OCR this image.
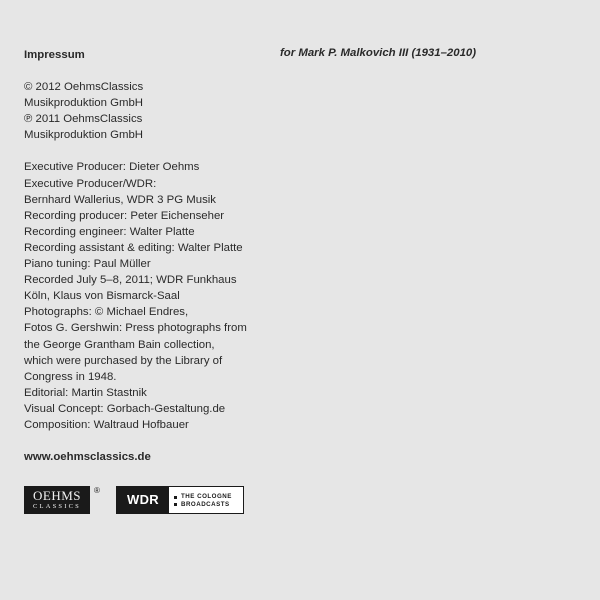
Impressum
© 2012 OehmsClassics
Musikproduktion GmbH
℗ 2011 OehmsClassics
Musikproduktion GmbH
Executive Producer: Dieter Oehms
Executive Producer/WDR:
Bernhard Wallerius, WDR 3 PG Musik
Recording producer: Peter Eichenseher
Recording engineer: Walter Platte
Recording assistant & editing: Walter Platte
Piano tuning: Paul Müller
Recorded July 5–8, 2011; WDR Funkhaus
Köln, Klaus von Bismarck-Saal
Photographs: © Michael Endres,
Fotos G. Gershwin: Press photographs from
the George Grantham Bain collection,
which were purchased by the Library of
Congress in 1948.
Editorial: Martin Stastnik
Visual Concept: Gorbach-Gestaltung.de
Composition: Waltraud Hofbauer
www.oehmsclassics.de
for Mark P. Malkovich III (1931–2010)
OEHMS
CLASSICS
®
WDR	THE COLOGNE
BROADCASTS
